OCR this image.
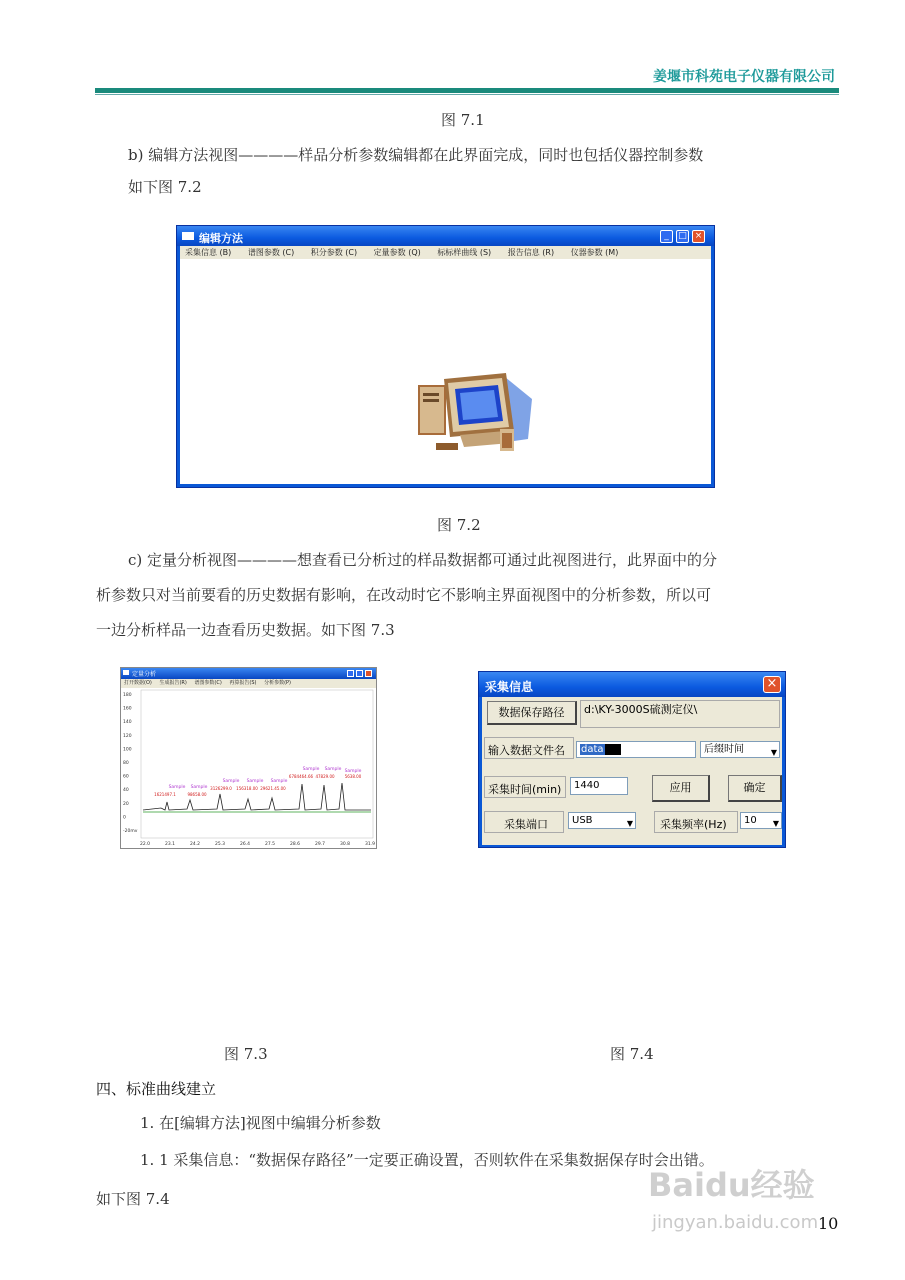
姜堰市科苑电子仪器有限公司
图 7.1
b) 编辑方法视图————样品分析参数编辑都在此界面完成，同时也包括仪器控制参数
如下图 7.2
编辑方法	_	□ ×
采集信息 (B) 谱图参数 (C) 积分参数 (C) 定量参数 (Q) 标标样曲线 (S) 报告信息 (R) 仪器参数 (M)
图 7.2
c) 定量分析视图————想查看已分析过的样品数据都可通过此视图进行，此界面中的分
析参数只对当前要看的历史数据有影响，在改动时它不影响主界面视图中的分析参数，所以可
一边分析样品一边查看历史数据。如下图 7.3
定量分析
打开数据(O) 生成报告(R) 谱图参数(C) 再算报告(S) 分析参数(P)
180
160
140
120
100
80
60
40
20
0
-20mv
22.0	23.1	24.2	25.3	26.4	27.5	28.6	29.7	30.8	31.9
Sample Sample
Sample Sample Sample
Sample Sample Sample
1621497.1	98658.00
3126299.0 156318.00 29621.45.00
6784464.66 47829.00	5638.00
采集信息	×
数据保存路径	d:\KY-3000S硫测定仪\
输入数据文件名	data	后缀时间	▼
采集时间(min)	1440	应用	确定
采集端口	USB	▼ 采集频率(Hz)	10 ▼
图 7.3	图 7.4
四、标准曲线建立
1. 在[编辑方法]视图中编辑分析参数
1. 1 采集信息：“数据保存路径”一定要正确设置，否则软件在采集数据保存时会出错。
如下图 7.4	Baidu经验
jingyan.baidu.com 10
